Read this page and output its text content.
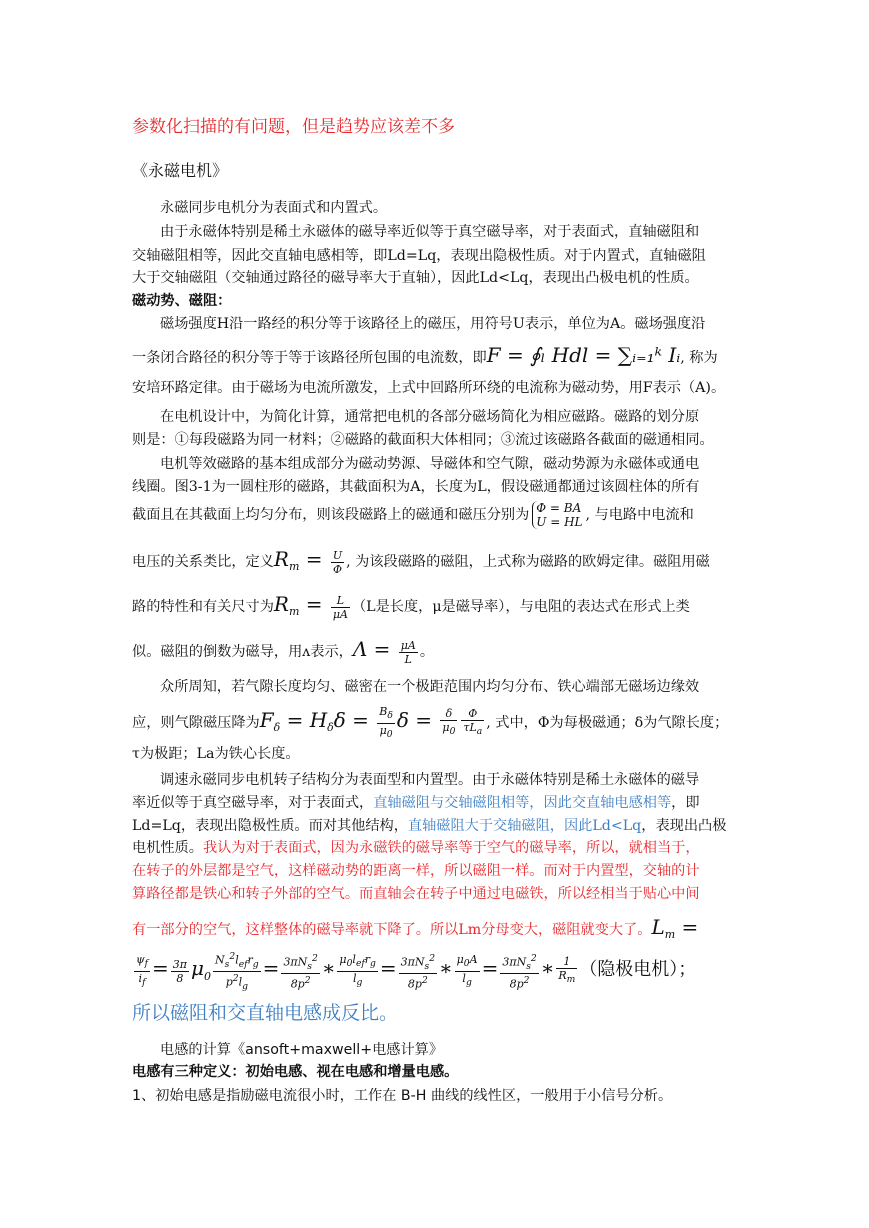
参数化扫描的有问题，但是趋势应该差不多
《永磁电机》
永磁同步电机分为表面式和内置式。
由于永磁体特别是稀土永磁体的磁导率近似等于真空磁导率，对于表面式，直轴磁阻和
交轴磁阻相等，因此交直轴电感相等，即Ld=Lq，表现出隐极性质。对于内置式，直轴磁阻
大于交轴磁阻（交轴通过路径的磁导率大于直轴），因此Ld<Lq，表现出凸极电机的性质。
磁动势、磁阻：
磁场强度H沿一路经的积分等于该路径上的磁压，用符号U表示，单位为A。磁场强度沿
一条闭合路径的积分等于等于该路径所包围的电流数，即F = ∮ₗ Hdl = ∑ᵢ₌₁ᵏ Iᵢ, 称为
安培环路定律。由于磁场为电流所激发，上式中回路所环绕的电流称为磁动势，用F表示（A)。
在电机设计中，为简化计算，通常把电机的各部分磁场简化为相应磁路。磁路的划分原
则是：①每段磁路为同一材料；②磁路的截面积大体相同；③流过该磁路各截面的磁通相同。
电机等效磁路的基本组成部分为磁动势源、导磁体和空气隙，磁动势源为永磁体或通电
线圈。图3-1为一圆柱形的磁路，其截面积为A，长度为L，假设磁通都通过该圆柱体的所有
截面且在其截面上均匀分布，则该段磁路上的磁通和磁压分别为 Φ = BA
U = HL , 与电路中电流和
电压的关系类比，定义$R_m = \frac{U}{\Phi}$ , 为该段磁路的磁阻，上式称为磁路的欧姆定律。磁阻用磁
路的特性和有关尺寸为$R_m = \frac{L}{\mu A} (L$是长度，μ是磁导率），与电阻的表达式在形式上类
似。磁阻的倒数为磁导，用ʌ表示，$\Lambda = \frac{\mu A}{L}$ 。
众所周知，若气隙长度均匀、磁密在一个极距范围内均匀分布、铁心端部无磁场边缘效
应，则气隙磁压降为$F_\delta = H_\delta\delta = \frac{B_\delta}{\mu_0}$ $\delta = \frac{\delta}{\mu_0} \frac{\Phi}{\tau L_a}$ , 式中，Φ为每极磁通；δ为气隙长度；
τ为极距；La为铁心长度。
调速永磁同步电机转子结构分为表面型和内置型。由于永磁体特别是稀土永磁体的磁导
率近似等于真空磁导率，对于表面式，直轴磁阻与交轴磁阻相等，因此交直轴电感相等，即
Ld=Lq，表现出隐极性质。而对其他结构，直轴磁阻大于交轴磁阻，因此Ld<Lq，表现出凸极
电机性质。我认为对于表面式，因为永磁铁的磁导率等于空气的磁导率，所以，就相当于，
在转子的外层都是空气，这样磁动势的距离一样，所以磁阻一样。而对于内置型，交轴的计
算路径都是铁心和转子外部的空气。而直轴会在转子中通过电磁铁，所以经相当于贴心中间
有一部分的空气，这样整体的磁导率就下降了。所以Lm分母变大，磁阻就变大了。$L_m$ =
$\frac{\psi_f}{i_f} = \frac{3\pi}{8} \mu_0 \frac{N_s^2l_{ef}r_g}{p^2l_g} = \frac{3\pi N_s^2}{8p^2}$ ∗ $\frac{\mu_0l_{ef}r_g}{l_g} = \frac{3\pi N_s^2}{8p^2}$ ∗ $\frac{\mu_0A}{l_g} = \frac{3\pi N_s^2}{8p^2}$ ∗ $\frac{1}{R_m}$ （隐极电机）；
所以磁阻和交直轴电感成反比。
电感的计算《ansoft+maxwell+电感计算》
电感有三种定义：初始电感、视在电感和增量电感。
1、初始电感是指励磁电流很小时，工作在 B-H 曲线的线性区，一般用于小信号分析。
